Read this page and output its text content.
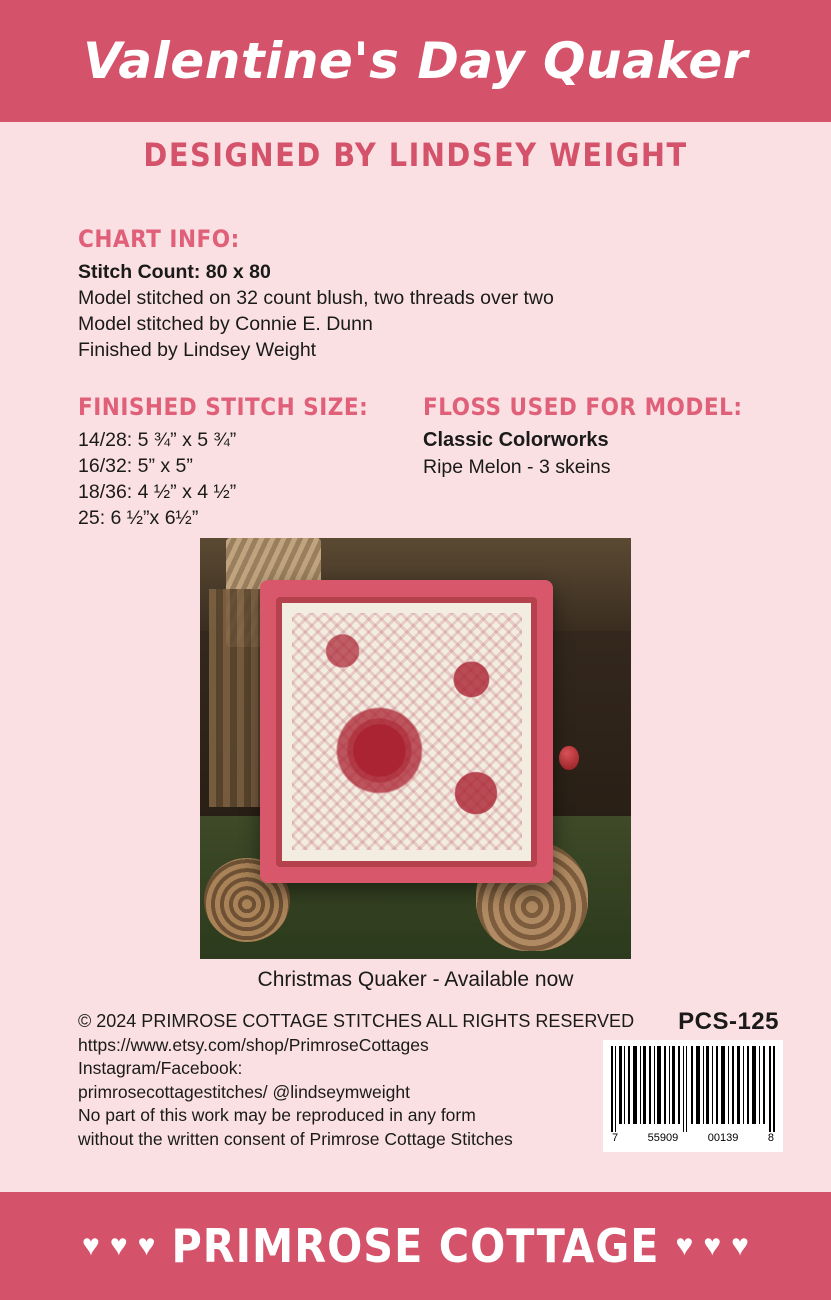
Valentine's Day Quaker
DESIGNED BY LINDSEY WEIGHT
CHART INFO:
Stitch Count: 80 x 80
Model stitched on 32 count blush, two threads over two
Model stitched by Connie E. Dunn
Finished by Lindsey Weight
FINISHED STITCH SIZE:
14/28: 5 ¾” x 5 ¾”
16/32: 5” x 5”
18/36: 4 ½” x 4 ½”
25: 6 ½”x 6½”
FLOSS USED FOR MODEL:
Classic Colorworks
Ripe Melon - 3 skeins
Christmas Quaker - Available now
© 2024 PRIMROSE COTTAGE STITCHES ALL RIGHTS RESERVED
https://www.etsy.com/shop/PrimroseCottages
Instagram/Facebook:
primrosecottagestitches/ @lindseymweight
No part of this work may be reproduced in any form
without the written consent of Primrose Cottage Stitches
PCS-125
7	55909	00139	8
♥ ♥ ♥ PRIMROSE COTTAGE ♥ ♥ ♥
